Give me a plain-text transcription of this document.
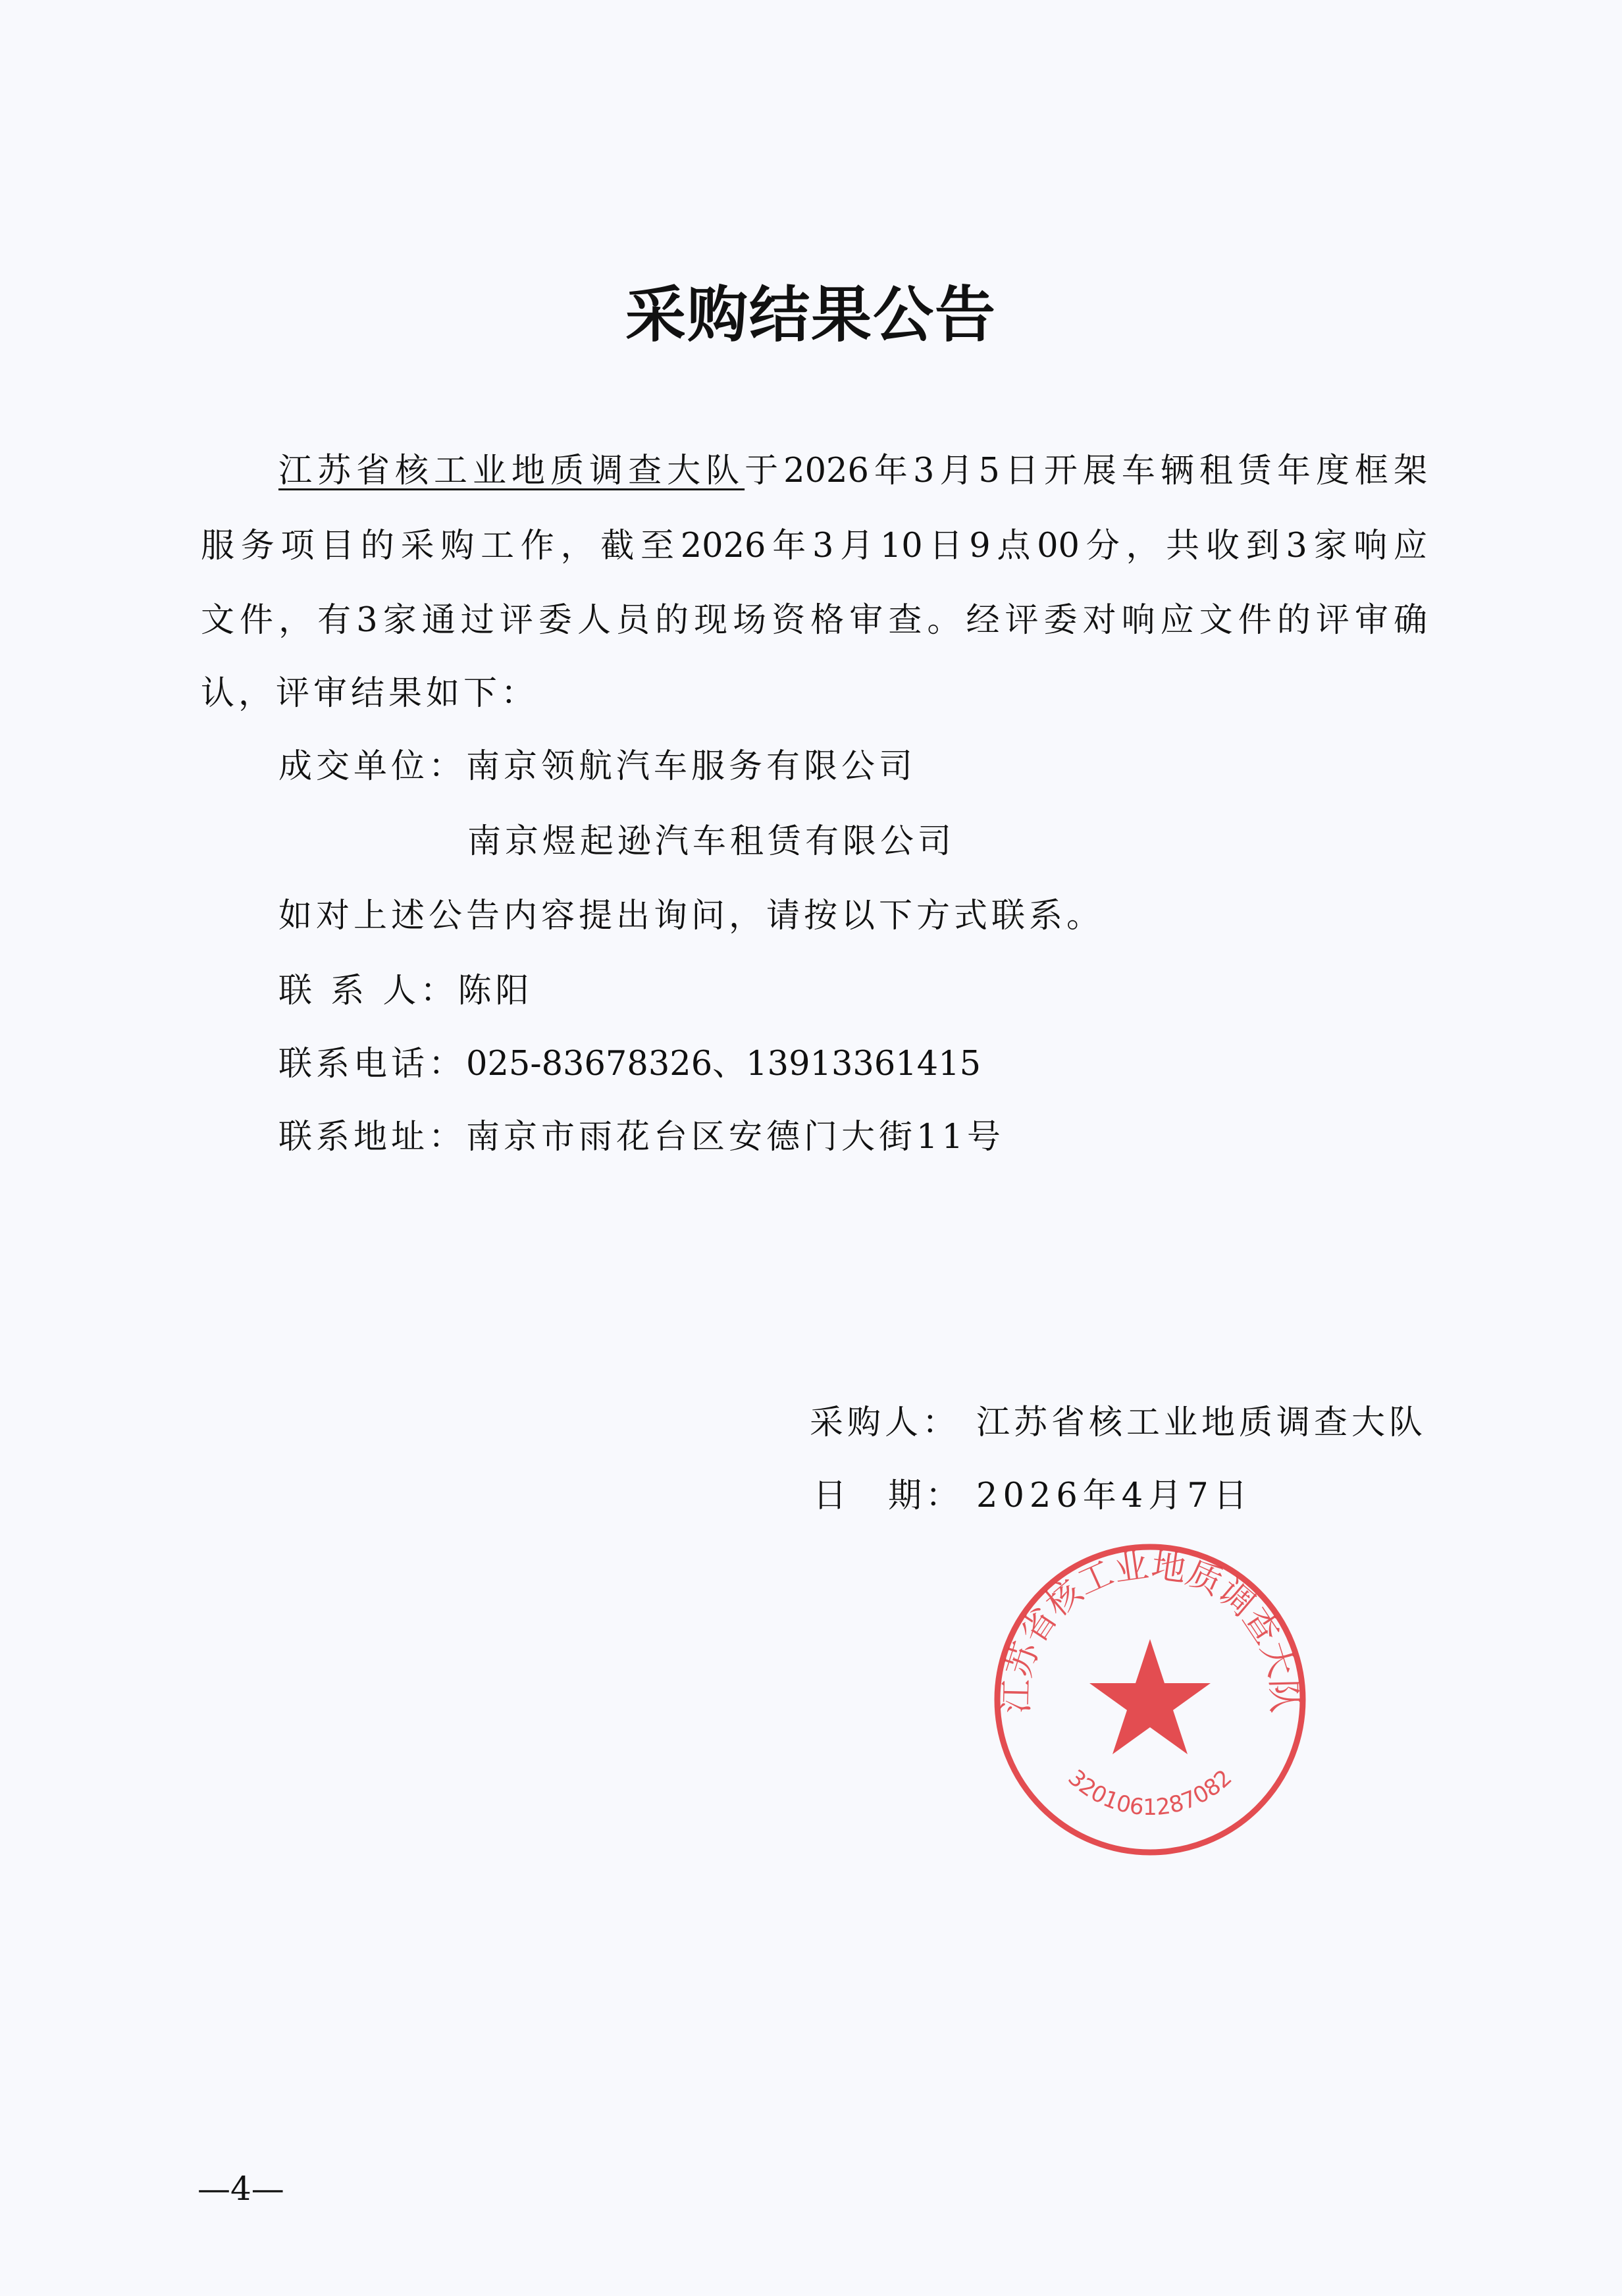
采购结果公告
江苏省核工业地质调查大队于2026年3月5日开展车辆租赁年度框架
服务项目的采购工作，截至2026年3月10日9点00分，共收到3家响应
文件，有3家通过评委人员的现场资格审查。经评委对响应文件的评审确
认，评审结果如下：
成交单位：南京领航汽车服务有限公司
南京煜起逊汽车租赁有限公司
如对上述公告内容提出询问，请按以下方式联系。
联 系 人：陈阳
联系电话：025-83678326、13913361415
联系地址：南京市雨花台区安德门大街11号
采购人： 江苏省核工业地质调查大队
日　期： 2026年4月7日
江苏省核工业地质调查大队
3201061287082
—4—
